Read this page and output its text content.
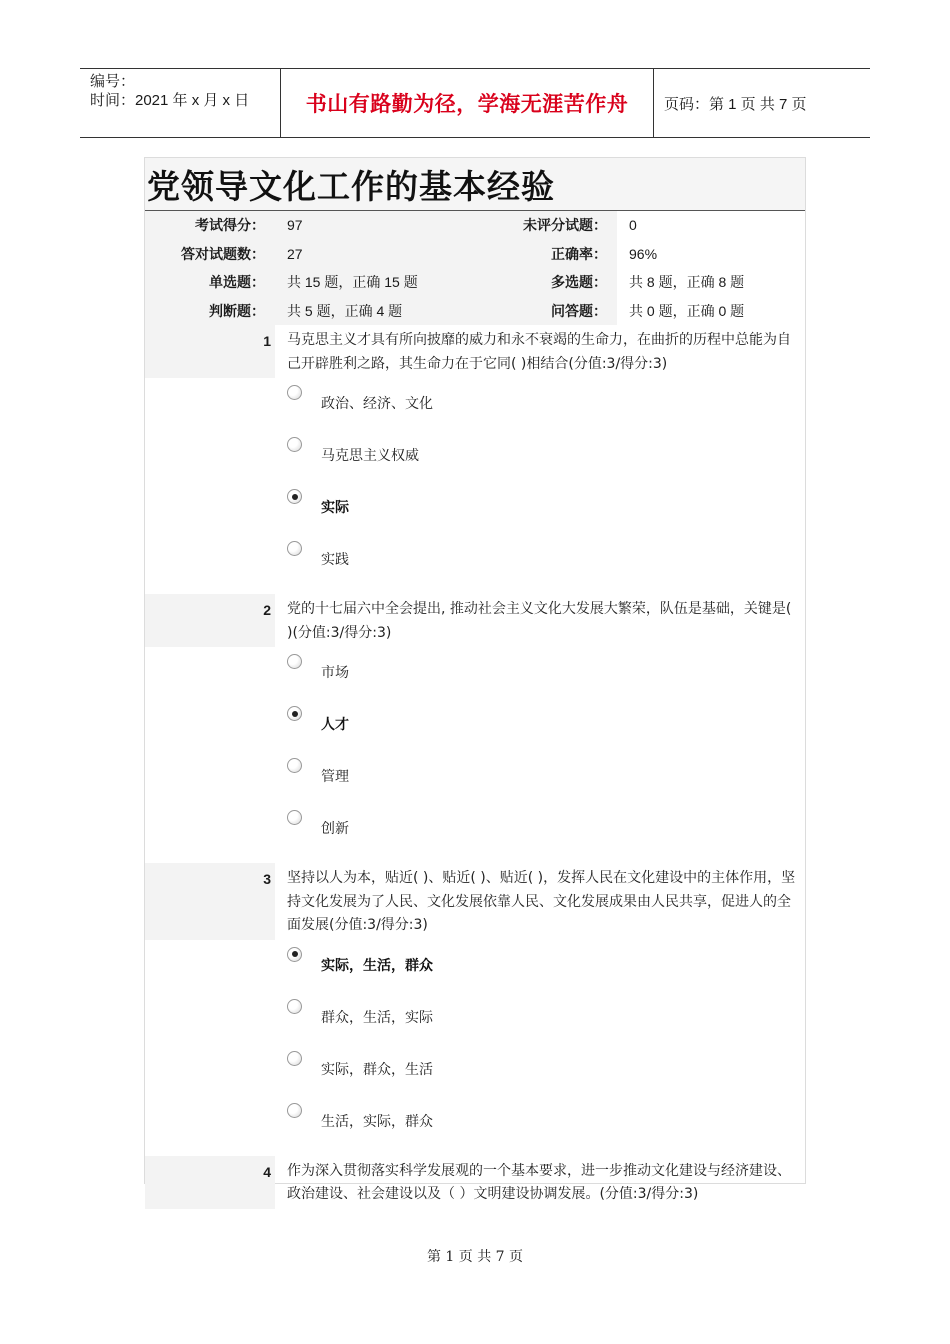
编号：
时间：2021 年 x 月 x 日	书山有路勤为径，学海无涯苦作舟 页码：第 1 页 共 7 页
党领导文化工作的基本经验
考试得分：	97	未评分试题：	0
答对试题数：	27	正确率：	96%
单选题：	共 15 题，正确 15 题	多选题：	共 8 题，正确 8 题
判断题：	共 5 题，正确 4 题	问答题：	共 0 题，正确 0 题
1	马克思主义才具有所向披靡的威力和永不衰竭的生命力，在曲折的历程中总能为自己开辟胜利之路，其生命力在于它同( )相结合(分值:3/得分:3)
政治、经济、文化
马克思主义权威
实际
实践
2	党的十七届六中全会提出, 推动社会主义文化大发展大繁荣，队伍是基础，关键是( )(分值:3/得分:3)
市场
人才
管理
创新
3	坚持以人为本，贴近( )、贴近( )、贴近( )，发挥人民在文化建设中的主体作用，坚持文化发展为了人民、文化发展依靠人民、文化发展成果由人民共享，促进人的全面发展(分值:3/得分:3)
实际，生活，群众
群众，生活，实际
实际，群众，生活
生活，实际，群众
4	作为深入贯彻落实科学发展观的一个基本要求，进一步推动文化建设与经济建设、政治建设、社会建设以及（ ）文明建设协调发展。(分值:3/得分:3)
第 1 页 共 7 页
